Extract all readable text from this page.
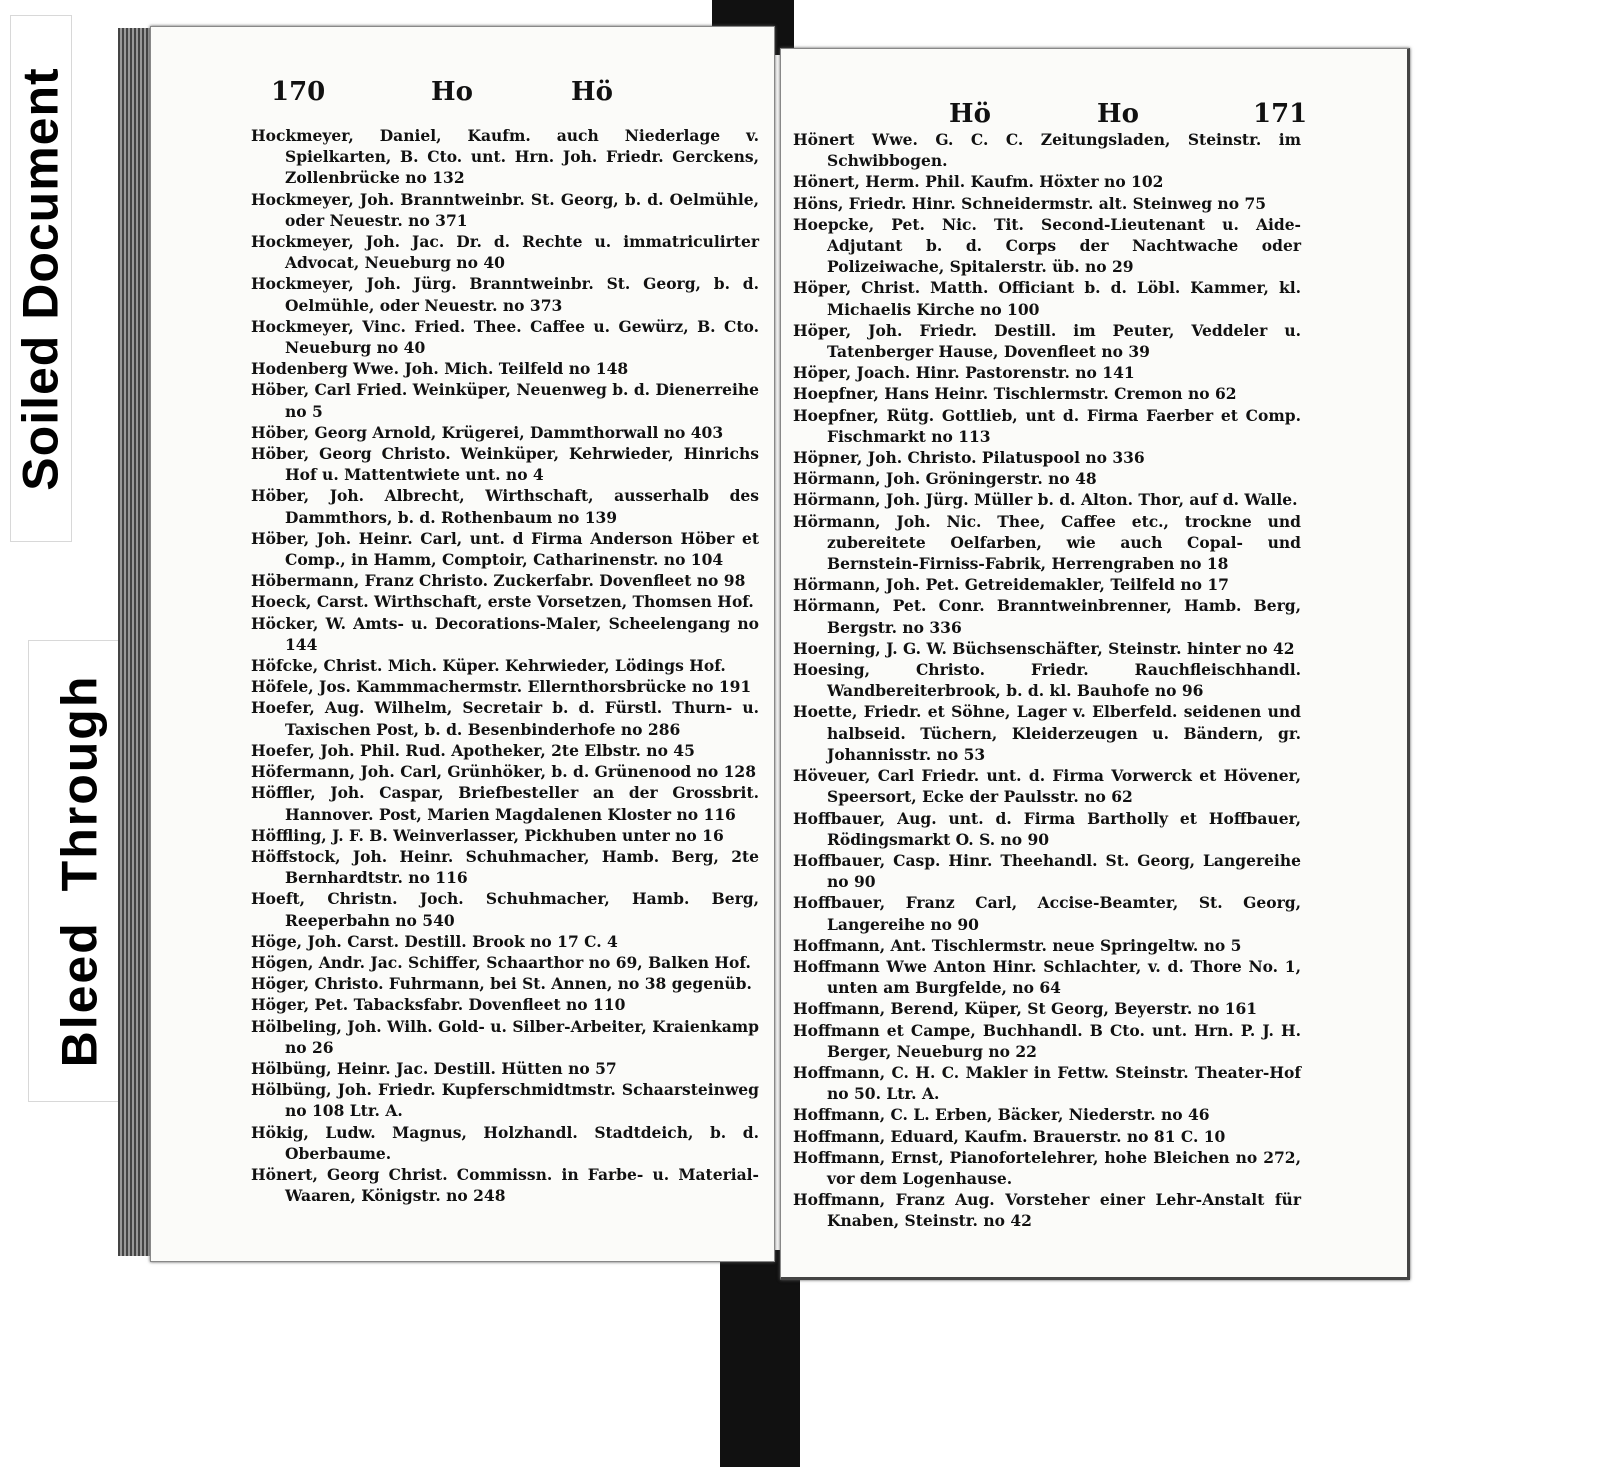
Soiled Document
Bleed Through
170	Ho	Hö
Hockmeyer, Daniel, Kaufm. auch Niederlage v. Spielkarten, B. Cto. unt. Hrn. Joh. Friedr. Gerckens, Zollenbrücke no 132
Hockmeyer, Joh. Branntweinbr. St. Georg, b. d. Oelmühle, oder Neuestr. no 371
Hockmeyer, Joh. Jac. Dr. d. Rechte u. immatriculirter Advocat, Neueburg no 40
Hockmeyer, Joh. Jürg. Branntweinbr. St. Georg, b. d. Oelmühle, oder Neuestr. no 373
Hockmeyer, Vinc. Fried. Thee. Caffee u. Gewürz, B. Cto. Neueburg no 40
Hodenberg Wwe. Joh. Mich. Teilfeld no 148
Höber, Carl Fried. Weinküper, Neuenweg b. d. Dienerreihe no 5
Höber, Georg Arnold, Krügerei, Dammthorwall no 403
Höber, Georg Christo. Weinküper, Kehrwieder, Hinrichs Hof u. Mattentwiete unt. no 4
Höber, Joh. Albrecht, Wirthschaft, ausserhalb des Dammthors, b. d. Rothenbaum no 139
Höber, Joh. Heinr. Carl, unt. d Firma Anderson Höber et Comp., in Hamm, Comptoir, Catharinenstr. no 104
Höbermann, Franz Christo. Zuckerfabr. Dovenfleet no 98
Hoeck, Carst. Wirthschaft, erste Vorsetzen, Thomsen Hof.
Höcker, W. Amts- u. Decorations-Maler, Scheelengang no 144
Höfcke, Christ. Mich. Küper. Kehrwieder, Lödings Hof.
Höfele, Jos. Kammmachermstr. Ellernthorsbrücke no 191
Hoefer, Aug. Wilhelm, Secretair b. d. Fürstl. Thurn- u. Taxischen Post, b. d. Besenbinderhofe no 286
Hoefer, Joh. Phil. Rud. Apotheker, 2te Elbstr. no 45
Höfermann, Joh. Carl, Grünhöker, b. d. Grünenood no 128
Höffler, Joh. Caspar, Briefbesteller an der Grossbrit. Hannover. Post, Marien Magdalenen Kloster no 116
Höffling, J. F. B. Weinverlasser, Pickhuben unter no 16
Höffstock, Joh. Heinr. Schuhmacher, Hamb. Berg, 2te Bernhardtstr. no 116
Hoeft, Christn. Joch. Schuhmacher, Hamb. Berg, Reeperbahn no 540
Höge, Joh. Carst. Destill. Brook no 17 C. 4
Högen, Andr. Jac. Schiffer, Schaarthor no 69, Balken Hof.
Höger, Christo. Fuhrmann, bei St. Annen, no 38 gegenüb.
Höger, Pet. Tabacksfabr. Dovenfleet no 110
Hölbeling, Joh. Wilh. Gold- u. Silber-Arbeiter, Kraienkamp no 26
Hölbüng, Heinr. Jac. Destill. Hütten no 57
Hölbüng, Joh. Friedr. Kupferschmidtmstr. Schaarsteinweg no 108 Ltr. A.
Hökig, Ludw. Magnus, Holzhandl. Stadtdeich, b. d. Oberbaume.
Hönert, Georg Christ. Commissn. in Farbe- u. Material-Waaren, Königstr. no 248
Hö	Ho	171
Hönert Wwe. G. C. C. Zeitungsladen, Steinstr. im Schwibbogen.
Hönert, Herm. Phil. Kaufm. Höxter no 102
Höns, Friedr. Hinr. Schneidermstr. alt. Steinweg no 75
Hoepcke, Pet. Nic. Tit. Second-Lieutenant u. Aide-Adjutant b. d. Corps der Nachtwache oder Polizeiwache, Spitalerstr. üb. no 29
Höper, Christ. Matth. Officiant b. d. Löbl. Kammer, kl. Michaelis Kirche no 100
Höper, Joh. Friedr. Destill. im Peuter, Veddeler u. Tatenberger Hause, Dovenfleet no 39
Höper, Joach. Hinr. Pastorenstr. no 141
Hoepfner, Hans Heinr. Tischlermstr. Cremon no 62
Hoepfner, Rütg. Gottlieb, unt d. Firma Faerber et Comp. Fischmarkt no 113
Höpner, Joh. Christo. Pilatuspool no 336
Hörmann, Joh. Gröningerstr. no 48
Hörmann, Joh. Jürg. Müller b. d. Alton. Thor, auf d. Walle.
Hörmann, Joh. Nic. Thee, Caffee etc., trockne und zubereitete Oelfarben, wie auch Copal- und Bernstein-Firniss-Fabrik, Herrengraben no 18
Hörmann, Joh. Pet. Getreidemakler, Teilfeld no 17
Hörmann, Pet. Conr. Branntweinbrenner, Hamb. Berg, Bergstr. no 336
Hoerning, J. G. W. Büchsenschäfter, Steinstr. hinter no 42
Hoesing, Christo. Friedr. Rauchfleischhandl. Wandbereiterbrook, b. d. kl. Bauhofe no 96
Hoette, Friedr. et Söhne, Lager v. Elberfeld. seidenen und halbseid. Tüchern, Kleiderzeugen u. Bändern, gr. Johannisstr. no 53
Höveuer, Carl Friedr. unt. d. Firma Vorwerck et Hövener, Speersort, Ecke der Paulsstr. no 62
Hoffbauer, Aug. unt. d. Firma Bartholly et Hoffbauer, Rödingsmarkt O. S. no 90
Hoffbauer, Casp. Hinr. Theehandl. St. Georg, Langereihe no 90
Hoffbauer, Franz Carl, Accise-Beamter, St. Georg, Langereihe no 90
Hoffmann, Ant. Tischlermstr. neue Springeltw. no 5
Hoffmann Wwe Anton Hinr. Schlachter, v. d. Thore No. 1, unten am Burgfelde, no 64
Hoffmann, Berend, Küper, St Georg, Beyerstr. no 161
Hoffmann et Campe, Buchhandl. B Cto. unt. Hrn. P. J. H. Berger, Neueburg no 22
Hoffmann, C. H. C. Makler in Fettw. Steinstr. Theater-Hof no 50. Ltr. A.
Hoffmann, C. L. Erben, Bäcker, Niederstr. no 46
Hoffmann, Eduard, Kaufm. Brauerstr. no 81 C. 10
Hoffmann, Ernst, Pianofortelehrer, hohe Bleichen no 272, vor dem Logenhause.
Hoffmann, Franz Aug. Vorsteher einer Lehr-Anstalt für Knaben, Steinstr. no 42
